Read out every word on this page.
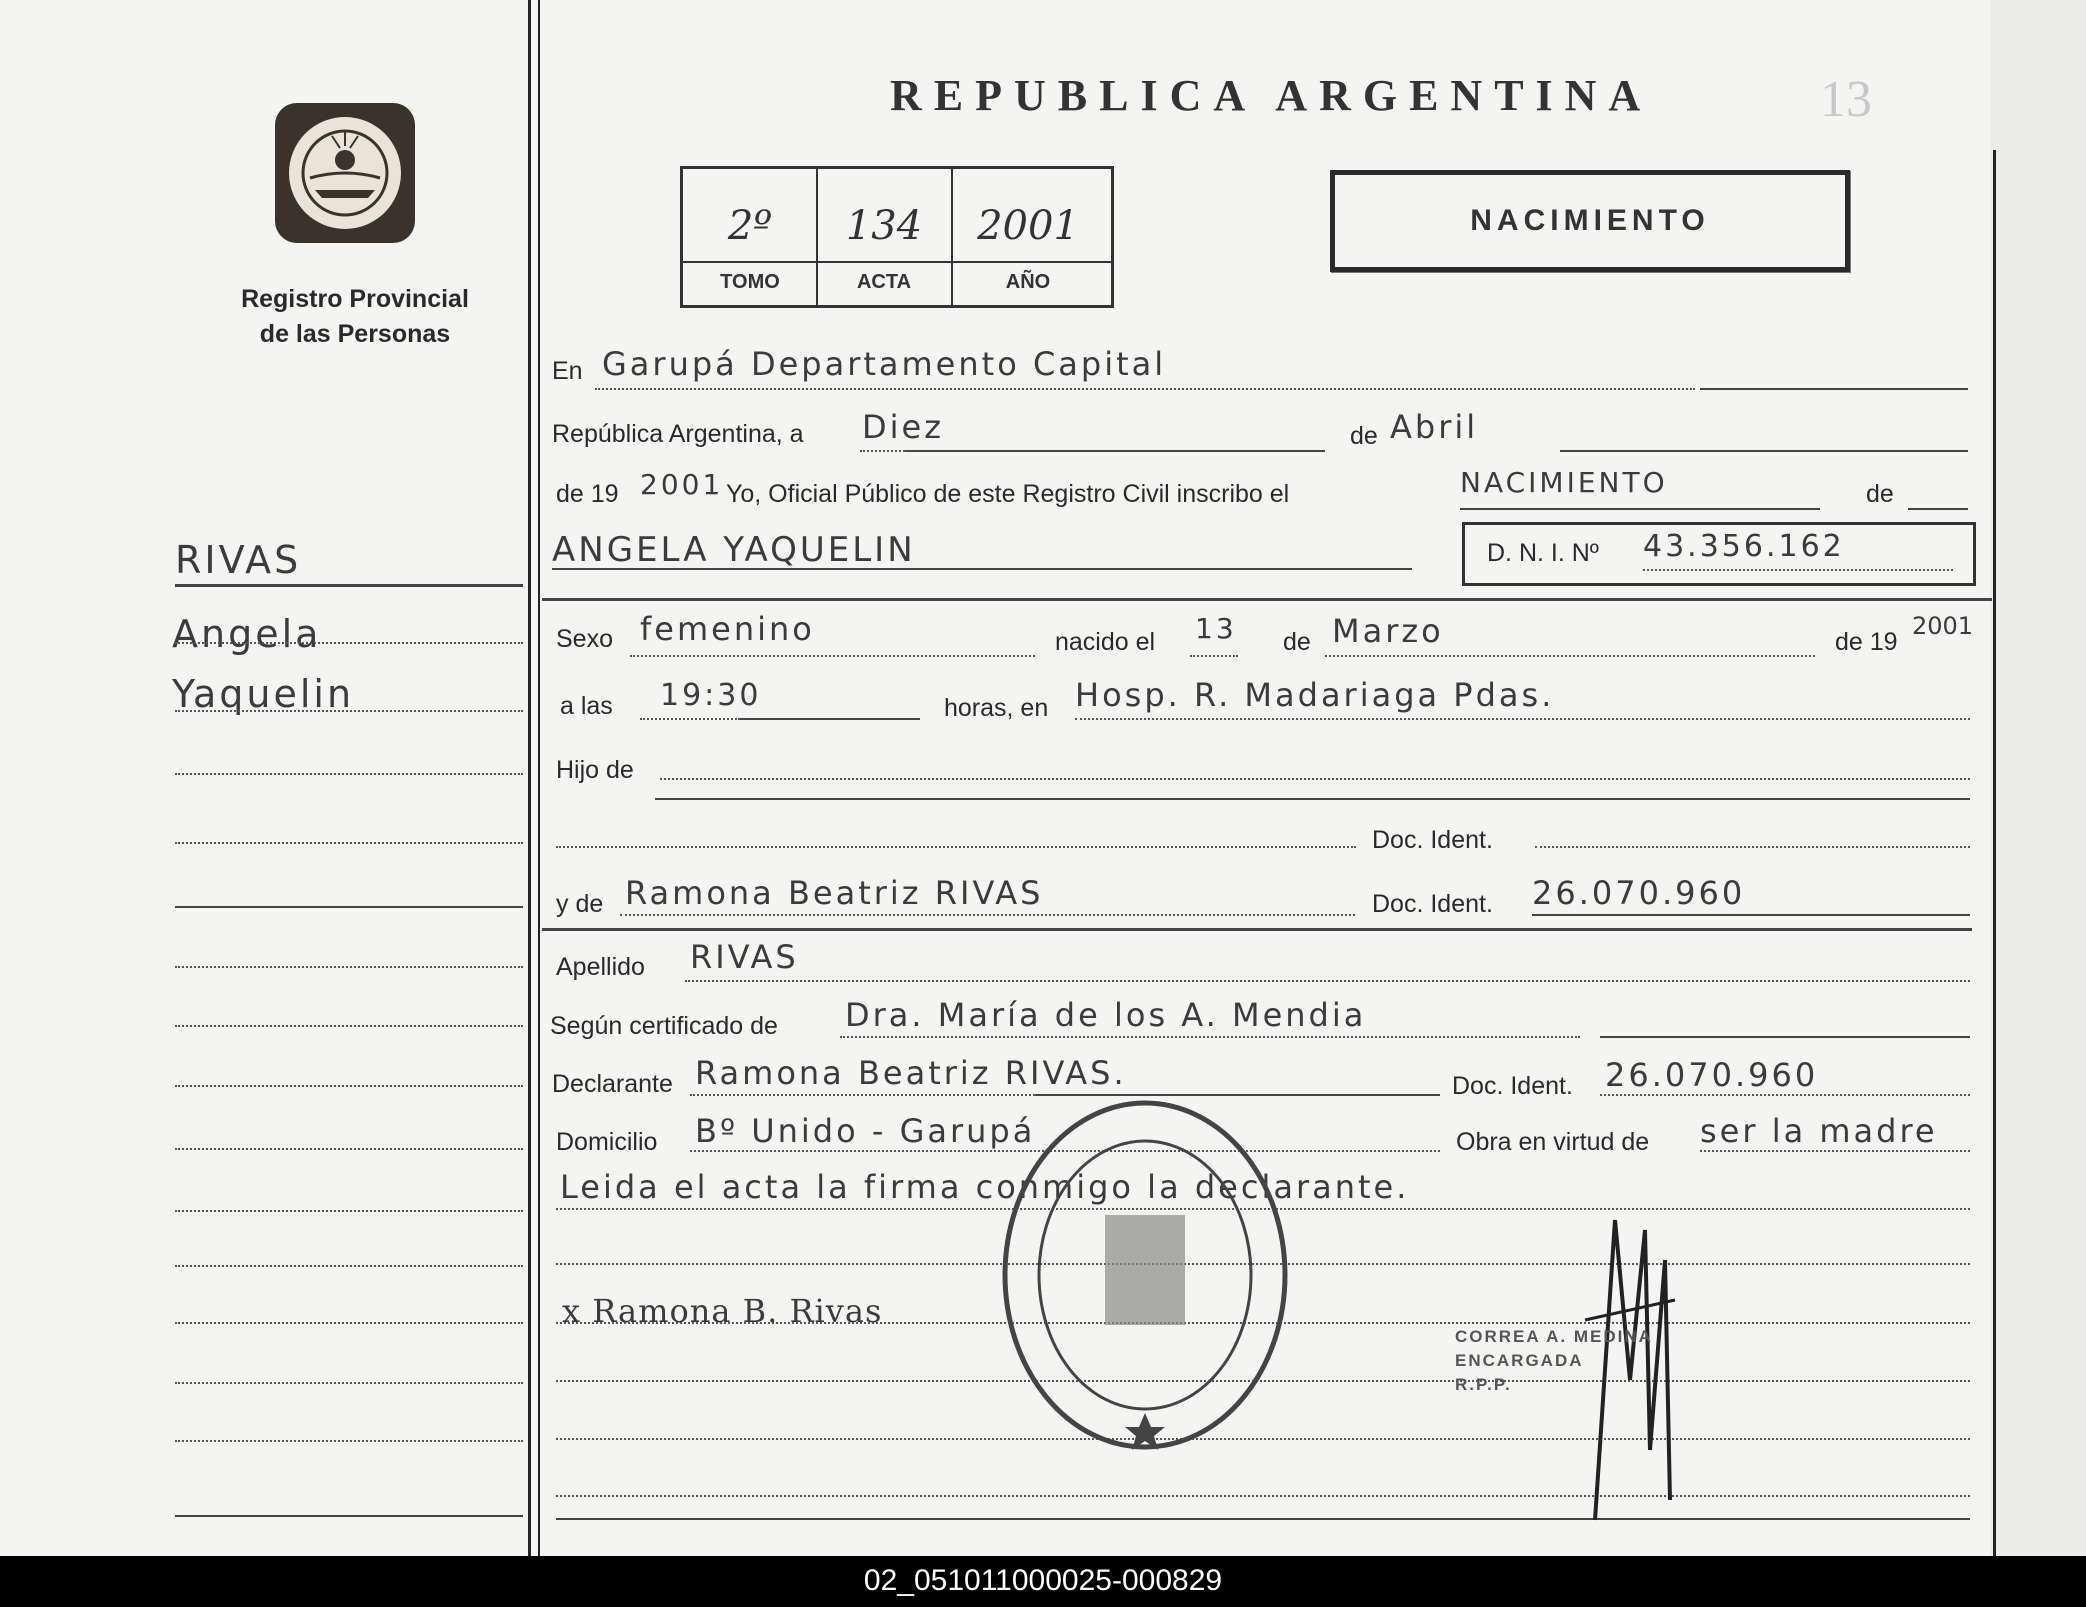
Registro Provincial
de las Personas
REPUBLICA ARGENTINA	13
2º	134	2001
TOMO	ACTA	AÑO
NACIMIENTO
RIVAS
Angela
Yaquelin
En Garupá Departamento Capital
República Argentina, a Diez	de Abril
de 19 2001 Yo, Oficial Público de este Registro Civil inscribo el	NACIMIENTO	de
ANGELA YAQUELIN	D. N. I. Nº 43.356.162
Sexo femenino	nacido el 13 de Marzo	de 19
2001
a las 19:30	horas, en Hosp. R. Madariaga Pdas.
Hijo de
Doc. Ident.
y de Ramona Beatriz RIVAS	Doc. Ident. 26.070.960
Apellido RIVAS
Según certificado de Dra. María de los A. Mendia
Declarante Ramona Beatriz RIVAS.	Doc. Ident. 26.070.960
Domicilio Bº Unido - Garupá	Obra en virtud de ser la madre
Leida el acta la firma conmigo la declarante.
x Ramona B. Rivas
CORREA A. MEDINA
ENCARGADA
R.P.P.
02_051011000025-000829
